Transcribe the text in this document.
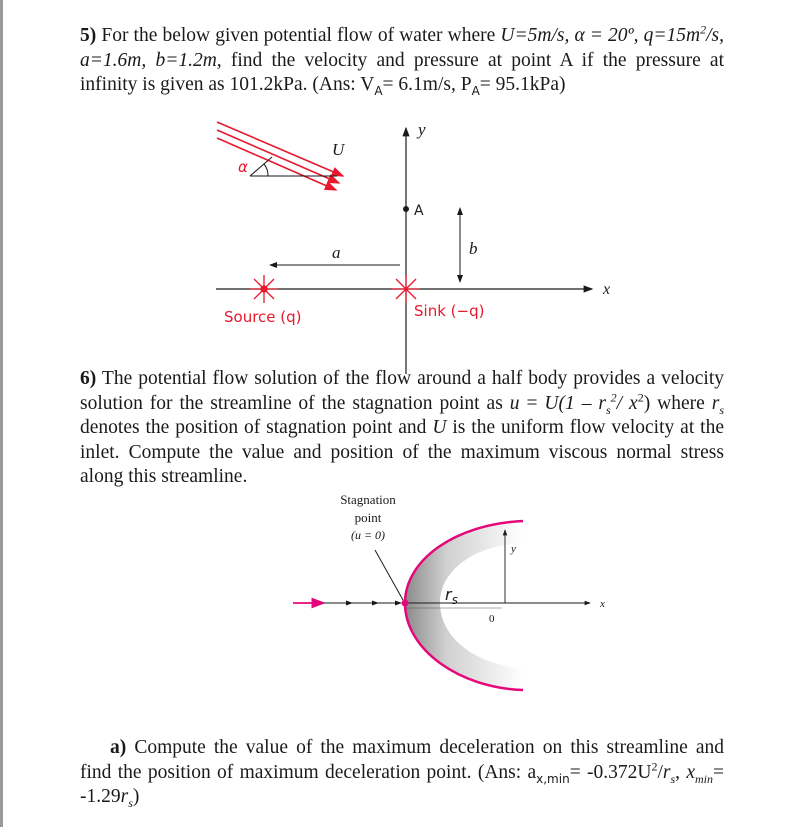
5) For the below given potential flow of water where U=5m/s, α = 20º, $q=15m^2/s$, a=1.6m, b=1.2m, find the velocity and pressure at point A if the pressure at infinity is given as 101.2kPa. (Ans: $V_A= 6.1m/s$, $P_A= 95.1kPa$)
α
U
y
x
A
a	b
Source (q)	Sink (−q)
6) The potential flow solution of the flow around a half body provides a velocity solution for the streamline of the stagnation point as $u = U(1 - r_s^2/$ $x^2$) where $r_s$ denotes the position of stagnation point and U is the uniform flow velocity at the inlet. Compute the value and position of the maximum viscous normal stress along this streamline.
x
y
0
$r_s$
Stagnation
point
(u = 0)
a) Compute the value of the maximum deceleration on this streamline and find the position of maximum deceleration point. (Ans: $a_{x,min}= -0.372U^2/r_s$, $x_{min}= -1.29r_s$)
